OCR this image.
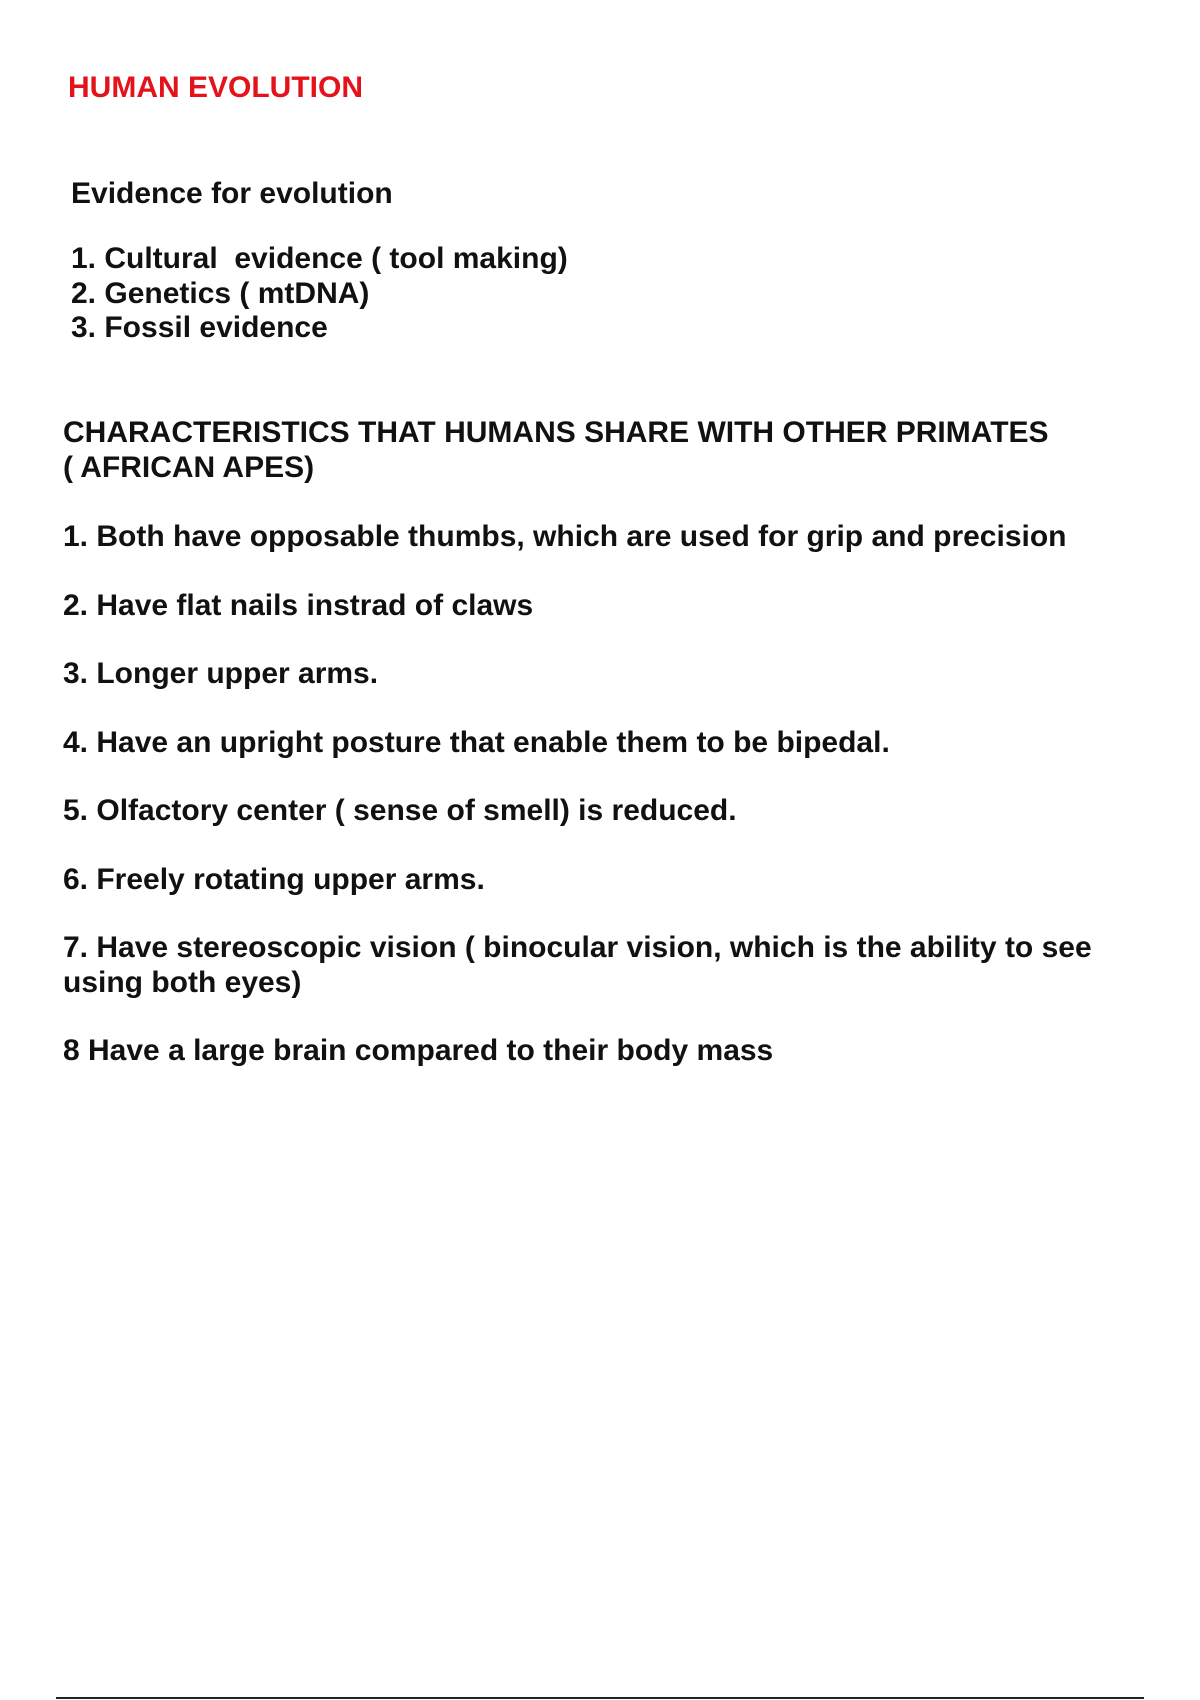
HUMAN EVOLUTION
Evidence for evolution
1. Cultural  evidence ( tool making)
2. Genetics ( mtDNA)
3. Fossil evidence
CHARACTERISTICS THAT HUMANS SHARE WITH OTHER PRIMATES ( AFRICAN APES)
1. Both have opposable thumbs, which are used for grip and precision
2. Have flat nails instrad of claws
3. Longer upper arms.
4. Have an upright posture that enable them to be bipedal.
5. Olfactory center ( sense of smell) is reduced.
6. Freely rotating upper arms.
7. Have stereoscopic vision ( binocular vision, which is the ability to see using both eyes)
8 Have a large brain compared to their body mass
